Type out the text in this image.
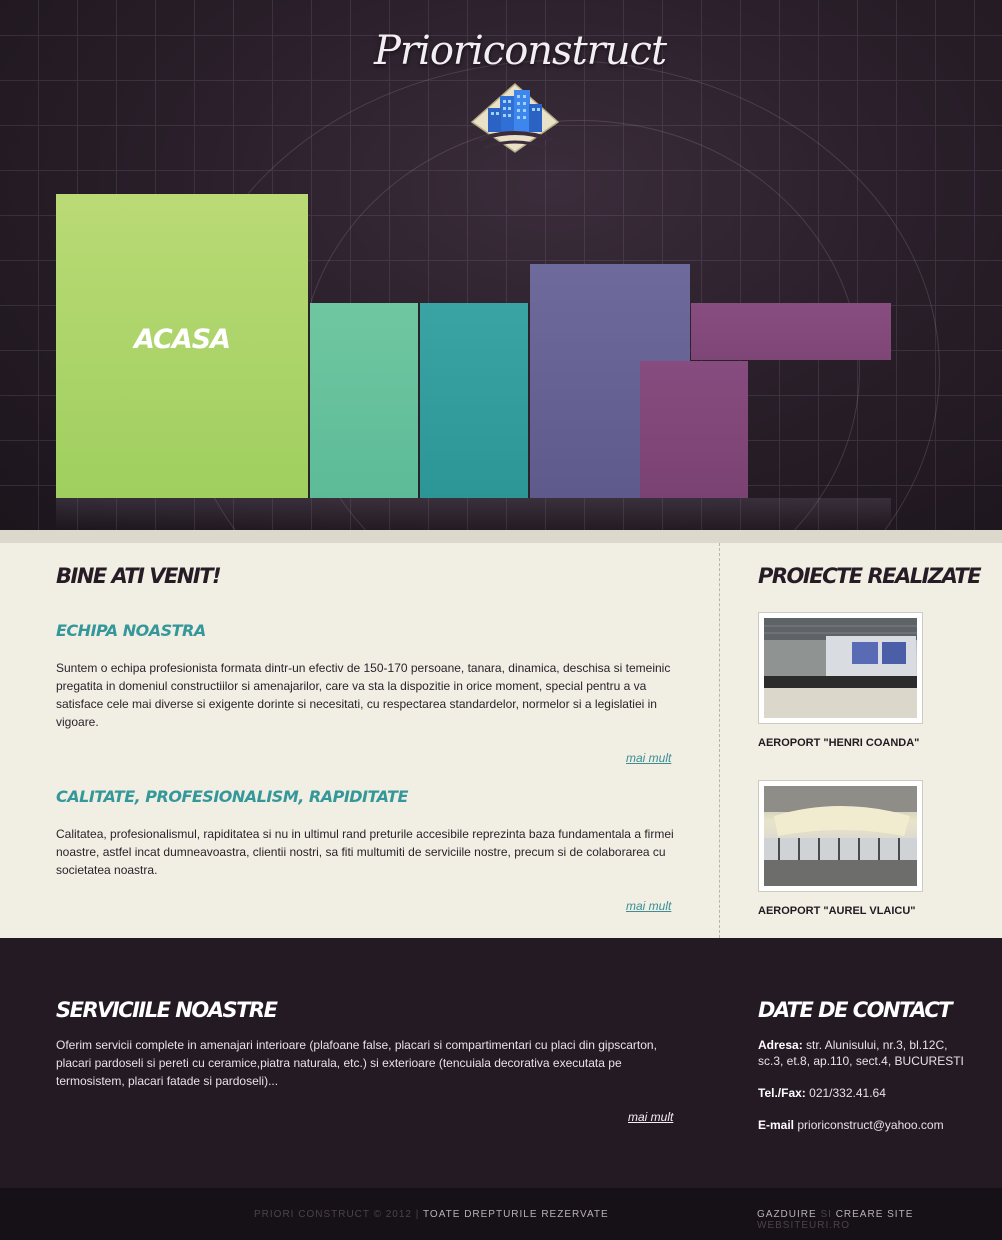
Prioriconstruct
ACASA
BINE ATI VENIT!
ECHIPA NOASTRA
Suntem o echipa profesionista formata dintr-un efectiv de 150-170 persoane, tanara, dinamica, deschisa si temeinic pregatita in domeniul constructiilor si amenajarilor, care va sta la dispozitie in orice moment, special pentru a va satisface cele mai diverse si exigente dorinte si necesitati, cu respectarea standardelor, normelor si a legislatiei in vigoare.
mai mult
CALITATE, PROFESIONALISM, RAPIDITATE
Calitatea, profesionalismul, rapiditatea si nu in ultimul rand preturile accesibile reprezinta baza fundamentala a firmei noastre, astfel incat dumneavoastra, clientii nostri, sa fiti multumiti de serviciile nostre, precum si de colaborarea cu societatea noastra.
mai mult
PROIECTE REALIZATE
AEROPORT "HENRI COANDA"
AEROPORT "AUREL VLAICU"
SERVICIILE NOASTRE
Oferim servicii complete in amenajari interioare (plafoane false, placari si compartimentari cu placi din gipscarton, placari pardoseli si pereti cu ceramice,piatra naturala, etc.) si exterioare (tencuiala decorativa executata pe termosistem, placari fatade si pardoseli)...
mai mult
DATE DE CONTACT
Adresa: str. Alunisului, nr.3, bl.12C,
sc.3, et.8, ap.110, sect.4, BUCURESTI
Tel./Fax: 021/332.41.64
E-mail prioriconstruct@yahoo.com
PRIORI CONSTRUCT © 2012 | TOATE DREPTURILE REZERVATE	GAZDUIRE SI CREARE SITE WEBSITEURI.RO
